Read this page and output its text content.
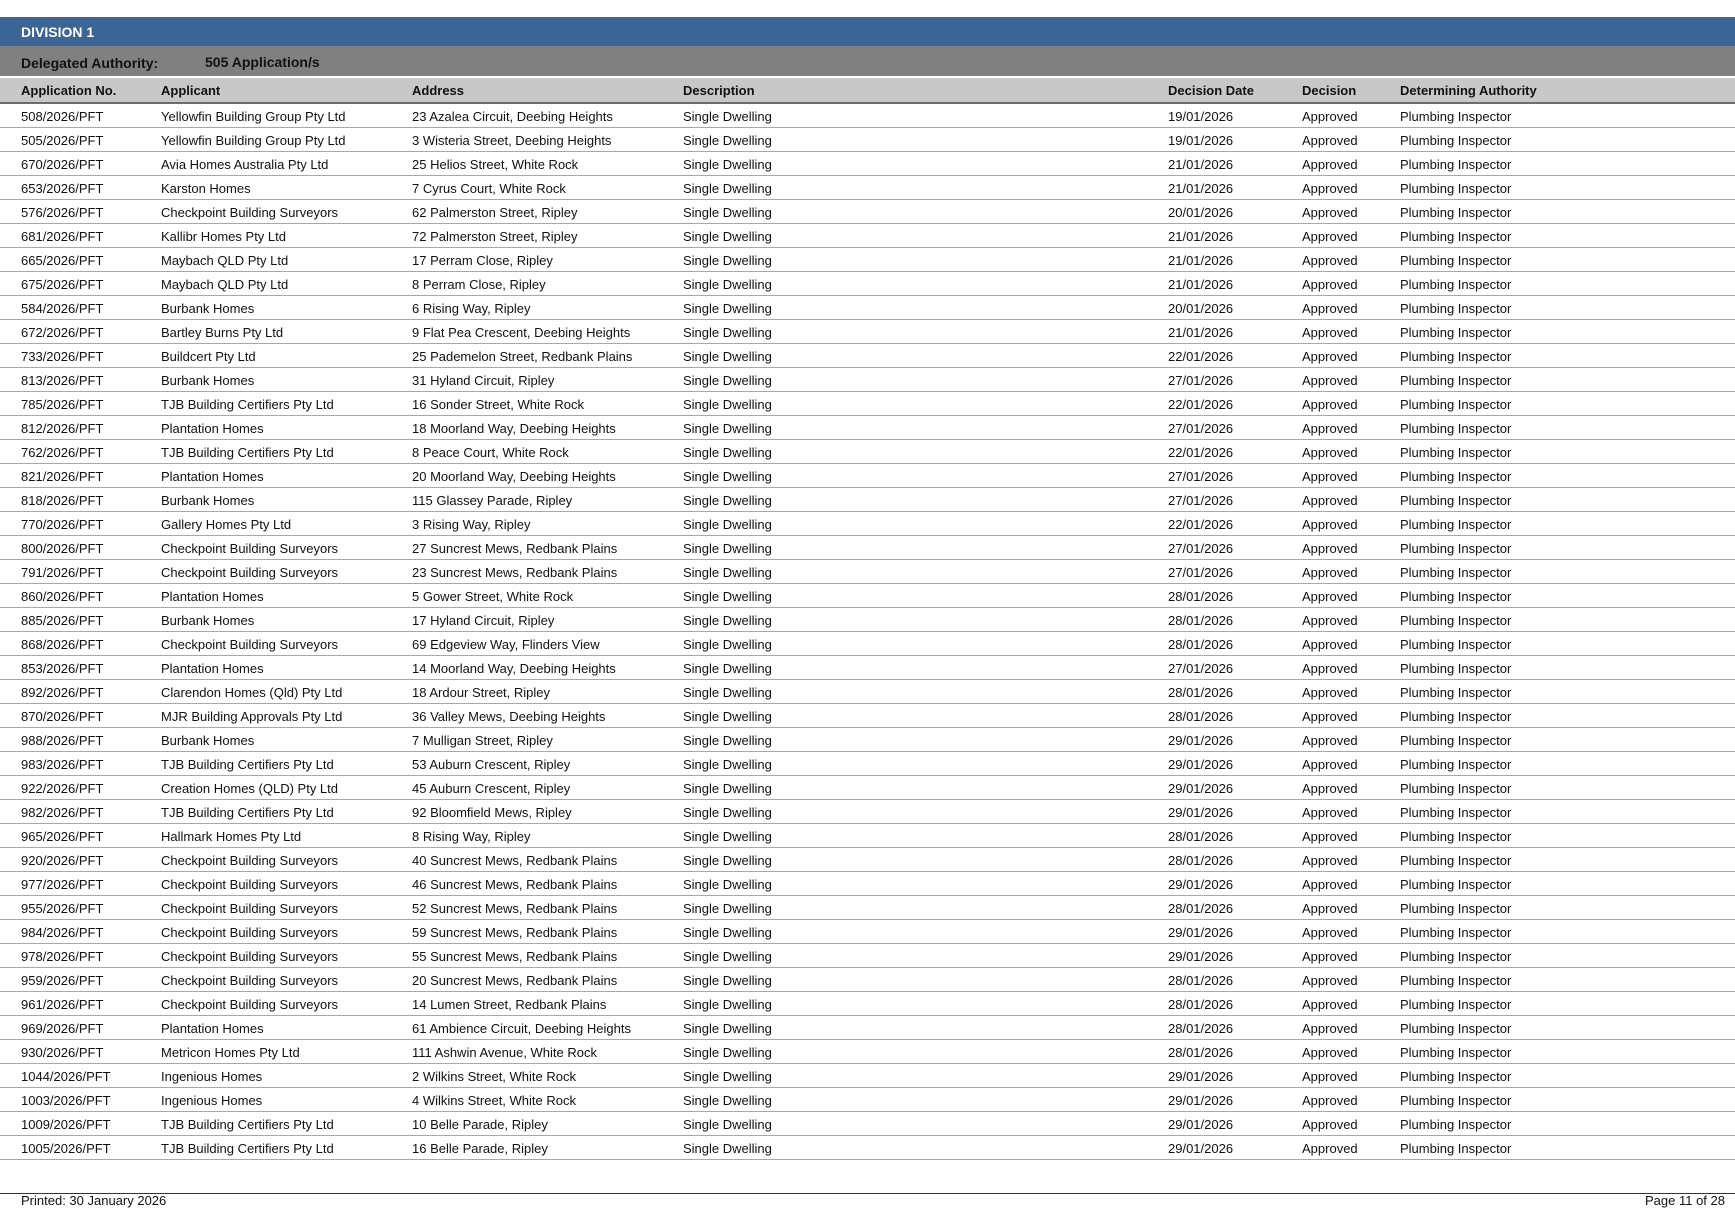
DIVISION 1
Delegated Authority:	505 Application/s
Application No.	Applicant	Address	Description	Decision Date	Decision	Determining Authority
508/2026/PFT	Yellowfin Building Group Pty Ltd	23 Azalea Circuit, Deebing Heights	Single Dwelling	19/01/2026	Approved	Plumbing Inspector
505/2026/PFT	Yellowfin Building Group Pty Ltd	3 Wisteria Street, Deebing Heights	Single Dwelling	19/01/2026	Approved	Plumbing Inspector
670/2026/PFT	Avia Homes Australia Pty Ltd	25 Helios Street, White Rock	Single Dwelling	21/01/2026	Approved	Plumbing Inspector
653/2026/PFT	Karston Homes	7 Cyrus Court, White Rock	Single Dwelling	21/01/2026	Approved	Plumbing Inspector
576/2026/PFT	Checkpoint Building Surveyors	62 Palmerston Street, Ripley	Single Dwelling	20/01/2026	Approved	Plumbing Inspector
681/2026/PFT	Kallibr Homes Pty Ltd	72 Palmerston Street, Ripley	Single Dwelling	21/01/2026	Approved	Plumbing Inspector
665/2026/PFT	Maybach QLD Pty Ltd	17 Perram Close, Ripley	Single Dwelling	21/01/2026	Approved	Plumbing Inspector
675/2026/PFT	Maybach QLD Pty Ltd	8 Perram Close, Ripley	Single Dwelling	21/01/2026	Approved	Plumbing Inspector
584/2026/PFT	Burbank Homes	6 Rising Way, Ripley	Single Dwelling	20/01/2026	Approved	Plumbing Inspector
672/2026/PFT	Bartley Burns Pty Ltd	9 Flat Pea Crescent, Deebing Heights	Single Dwelling	21/01/2026	Approved	Plumbing Inspector
733/2026/PFT	Buildcert Pty Ltd	25 Pademelon Street, Redbank Plains	Single Dwelling	22/01/2026	Approved	Plumbing Inspector
813/2026/PFT	Burbank Homes	31 Hyland Circuit, Ripley	Single Dwelling	27/01/2026	Approved	Plumbing Inspector
785/2026/PFT	TJB Building Certifiers Pty Ltd	16 Sonder Street, White Rock	Single Dwelling	22/01/2026	Approved	Plumbing Inspector
812/2026/PFT	Plantation Homes	18 Moorland Way, Deebing Heights	Single Dwelling	27/01/2026	Approved	Plumbing Inspector
762/2026/PFT	TJB Building Certifiers Pty Ltd	8 Peace Court, White Rock	Single Dwelling	22/01/2026	Approved	Plumbing Inspector
821/2026/PFT	Plantation Homes	20 Moorland Way, Deebing Heights	Single Dwelling	27/01/2026	Approved	Plumbing Inspector
818/2026/PFT	Burbank Homes	115 Glassey Parade, Ripley	Single Dwelling	27/01/2026	Approved	Plumbing Inspector
770/2026/PFT	Gallery Homes Pty Ltd	3 Rising Way, Ripley	Single Dwelling	22/01/2026	Approved	Plumbing Inspector
800/2026/PFT	Checkpoint Building Surveyors	27 Suncrest Mews, Redbank Plains	Single Dwelling	27/01/2026	Approved	Plumbing Inspector
791/2026/PFT	Checkpoint Building Surveyors	23 Suncrest Mews, Redbank Plains	Single Dwelling	27/01/2026	Approved	Plumbing Inspector
860/2026/PFT	Plantation Homes	5 Gower Street, White Rock	Single Dwelling	28/01/2026	Approved	Plumbing Inspector
885/2026/PFT	Burbank Homes	17 Hyland Circuit, Ripley	Single Dwelling	28/01/2026	Approved	Plumbing Inspector
868/2026/PFT	Checkpoint Building Surveyors	69 Edgeview Way, Flinders View	Single Dwelling	28/01/2026	Approved	Plumbing Inspector
853/2026/PFT	Plantation Homes	14 Moorland Way, Deebing Heights	Single Dwelling	27/01/2026	Approved	Plumbing Inspector
892/2026/PFT	Clarendon Homes (Qld) Pty Ltd	18 Ardour Street, Ripley	Single Dwelling	28/01/2026	Approved	Plumbing Inspector
870/2026/PFT	MJR Building Approvals Pty Ltd	36 Valley Mews, Deebing Heights	Single Dwelling	28/01/2026	Approved	Plumbing Inspector
988/2026/PFT	Burbank Homes	7 Mulligan Street, Ripley	Single Dwelling	29/01/2026	Approved	Plumbing Inspector
983/2026/PFT	TJB Building Certifiers Pty Ltd	53 Auburn Crescent, Ripley	Single Dwelling	29/01/2026	Approved	Plumbing Inspector
922/2026/PFT	Creation Homes (QLD) Pty Ltd	45 Auburn Crescent, Ripley	Single Dwelling	29/01/2026	Approved	Plumbing Inspector
982/2026/PFT	TJB Building Certifiers Pty Ltd	92 Bloomfield Mews, Ripley	Single Dwelling	29/01/2026	Approved	Plumbing Inspector
965/2026/PFT	Hallmark Homes Pty Ltd	8 Rising Way, Ripley	Single Dwelling	28/01/2026	Approved	Plumbing Inspector
920/2026/PFT	Checkpoint Building Surveyors	40 Suncrest Mews, Redbank Plains	Single Dwelling	28/01/2026	Approved	Plumbing Inspector
977/2026/PFT	Checkpoint Building Surveyors	46 Suncrest Mews, Redbank Plains	Single Dwelling	29/01/2026	Approved	Plumbing Inspector
955/2026/PFT	Checkpoint Building Surveyors	52 Suncrest Mews, Redbank Plains	Single Dwelling	28/01/2026	Approved	Plumbing Inspector
984/2026/PFT	Checkpoint Building Surveyors	59 Suncrest Mews, Redbank Plains	Single Dwelling	29/01/2026	Approved	Plumbing Inspector
978/2026/PFT	Checkpoint Building Surveyors	55 Suncrest Mews, Redbank Plains	Single Dwelling	29/01/2026	Approved	Plumbing Inspector
959/2026/PFT	Checkpoint Building Surveyors	20 Suncrest Mews, Redbank Plains	Single Dwelling	28/01/2026	Approved	Plumbing Inspector
961/2026/PFT	Checkpoint Building Surveyors	14 Lumen Street, Redbank Plains	Single Dwelling	28/01/2026	Approved	Plumbing Inspector
969/2026/PFT	Plantation Homes	61 Ambience Circuit, Deebing Heights	Single Dwelling	28/01/2026	Approved	Plumbing Inspector
930/2026/PFT	Metricon Homes Pty Ltd	111 Ashwin Avenue, White Rock	Single Dwelling	28/01/2026	Approved	Plumbing Inspector
1044/2026/PFT	Ingenious Homes	2 Wilkins Street, White Rock	Single Dwelling	29/01/2026	Approved	Plumbing Inspector
1003/2026/PFT	Ingenious Homes	4 Wilkins Street, White Rock	Single Dwelling	29/01/2026	Approved	Plumbing Inspector
1009/2026/PFT	TJB Building Certifiers Pty Ltd	10 Belle Parade, Ripley	Single Dwelling	29/01/2026	Approved	Plumbing Inspector
1005/2026/PFT	TJB Building Certifiers Pty Ltd	16 Belle Parade, Ripley	Single Dwelling	29/01/2026	Approved	Plumbing Inspector
Printed: 30 January 2026	Page 11 of 28
